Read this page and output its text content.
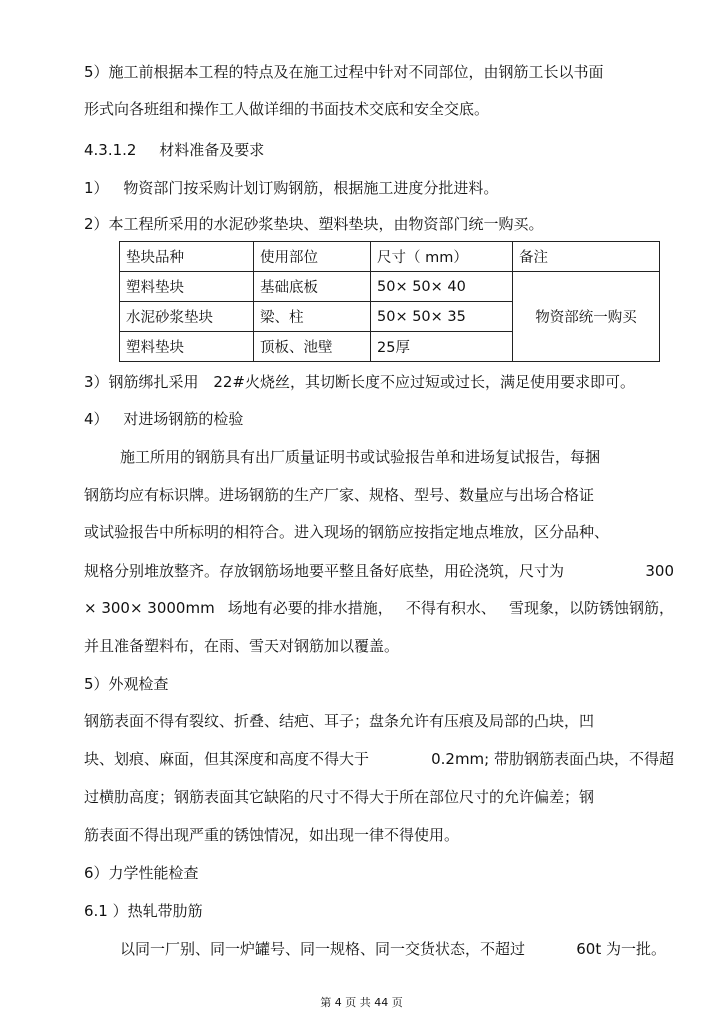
5）施工前根据本工程的特点及在施工过程中针对不同部位，由钢筋工长以书面
形式向各班组和操作工人做详细的书面技术交底和安全交底。
4.3.1.2 材料准备及要求
1） 物资部门按采购计划订购钢筋，根据施工进度分批进料。
2）本工程所采用的水泥砂浆垫块、塑料垫块，由物资部门统一购买。
垫块品种	使用部位	尺寸（ mm）	备注
塑料垫块	基础底板	50× 50× 40	物资部统一购买
水泥砂浆垫块	梁、柱	50× 50× 35	
塑料垫块	顶板、池壁	25厚	
3）钢筋绑扎采用 22#火烧丝，其切断长度不应过短或过长，满足使用要求即可。
4） 对进场钢筋的检验
施工所用的钢筋具有出厂质量证明书或试验报告单和进场复试报告，每捆
钢筋均应有标识牌。进场钢筋的生产厂家、规格、型号、数量应与出场合格证
或试验报告中所标明的相符合。进入现场的钢筋应按指定地点堆放，区分品种、
规格分别堆放整齐。存放钢筋场地要平整且备好底垫，用砼浇筑，尺寸为	300
× 300× 3000mm 场地有必要的排水措施， 不得有积水、 雪现象，以防锈蚀钢筋，
并且准备塑料布，在雨、雪天对钢筋加以覆盖。
5）外观检查
钢筋表面不得有裂纹、折叠、结疤、耳子；盘条允许有压痕及局部的凸块，凹
块、划痕、麻面，但其深度和高度不得大于	0.2mm; 带肋钢筋表面凸块，不得超
过横肋高度；钢筋表面其它缺陷的尺寸不得大于所在部位尺寸的允许偏差；钢
筋表面不得出现严重的锈蚀情况，如出现一律不得使用。
6）力学性能检查
6.1 ）热轧带肋筋
以同一厂别、同一炉罐号、同一规格、同一交货状态，不超过	60t 为一批。
第 4 页 共 44 页
